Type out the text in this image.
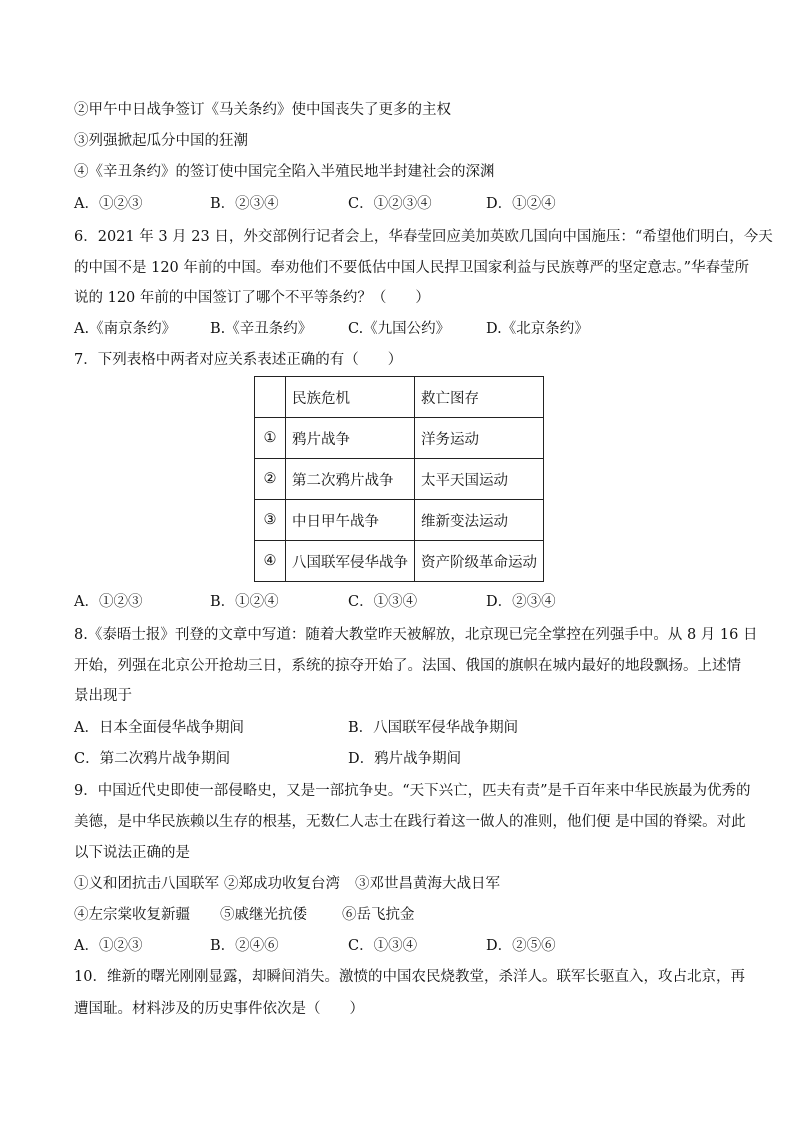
②甲午中日战争签订《马关条约》使中国丧失了更多的主权
③列强掀起瓜分中国的狂潮
④《辛丑条约》的签订使中国完全陷入半殖民地半封建社会的深渊
A．①②③	B．②③④	C．①②③④	D．①②④
6．2021 年 3 月 23 日，外交部例行记者会上，华春莹回应美加英欧几国向中国施压：“希望他们明白，今天
的中国不是 120 年前的中国。奉劝他们不要低估中国人民捍卫国家利益与民族尊严的坚定意志。”华春莹所
说的 120 年前的中国签订了哪个不平等条约？（　　）
A.《南京条约》 B.《辛丑条约》 C.《九国公约》 D.《北京条约》
7．下列表格中两者对应关系表述正确的有（　　）
	民族危机	救亡图存
①	鸦片战争	洋务运动
②	第二次鸦片战争	太平天国运动
③	中日甲午战争	维新变法运动
④	八国联军侵华战争	资产阶级革命运动
A．①②③	B．①②④	C．①③④	D．②③④
8.《泰晤士报》刊登的文章中写道：随着大教堂昨天被解放，北京现已完全掌控在列强手中。从 8 月 16 日
开始，列强在北京公开抢劫三日，系统的掠夺开始了。法国、俄国的旗帜在城内最好的地段飘扬。上述情
景出现于
A．日本全面侵华战争期间	B．八国联军侵华战争期间
C．第二次鸦片战争期间	D．鸦片战争期间
9．中国近代史即使一部侵略史，又是一部抗争史。“天下兴亡，匹夫有责”是千百年来中华民族最为优秀的
美德，是中华民族赖以生存的根基，无数仁人志士在践行着这一做人的准则，他们便 是中国的脊梁。对此
以下说法正确的是
①义和团抗击八国联军 ②郑成功收复台湾 ③邓世昌黄海大战日军
④左宗棠收复新疆 ⑤戚继光抗倭 ⑥岳飞抗金
A．①②③	B．②④⑥	C．①③④	D．②⑤⑥
10．维新的曙光刚刚显露，却瞬间消失。激愤的中国农民烧教堂，杀洋人。联军长驱直入，攻占北京，再
遭国耻。材料涉及的历史事件依次是（　　）
